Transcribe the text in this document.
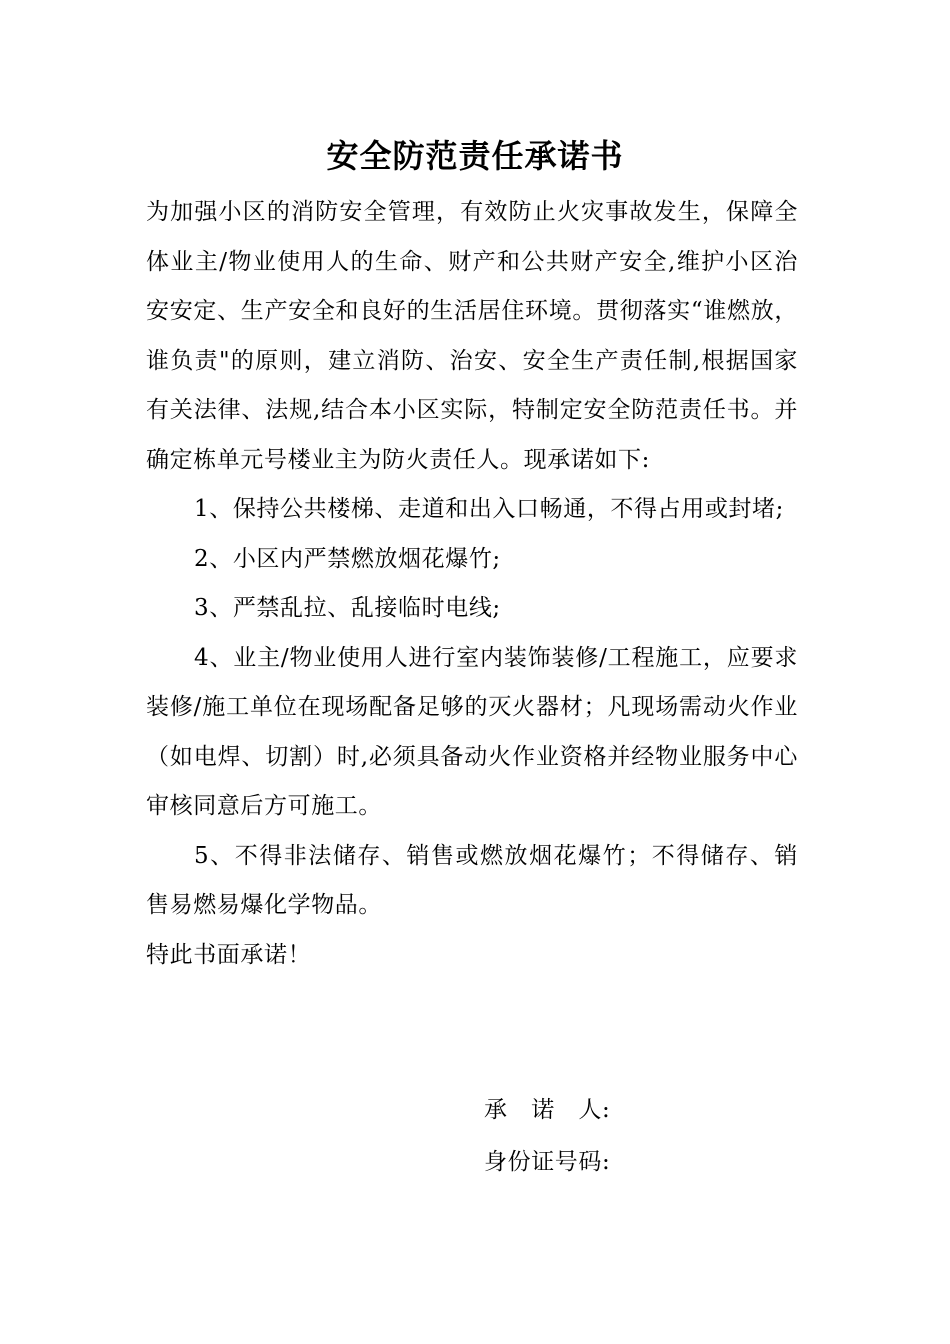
安全防范责任承诺书

为加强小区的消防安全管理，有效防止火灾事故发生，保障全体业主/物业使用人的生命、财产和公共财产安全,维护小区治安安定、生产安全和良好的生活居住环境。贯彻落实“谁燃放，谁负责"的原则，建立消防、治安、安全生产责任制,根据国家有关法律、法规,结合本小区实际，特制定安全防范责任书。并确定栋单元号楼业主为防火责任人。现承诺如下:

1、保持公共楼梯、走道和出入口畅通，不得占用或封堵;

2、小区内严禁燃放烟花爆竹;

3、严禁乱拉、乱接临时电线;

4、业主/物业使用人进行室内装饰装修/工程施工，应要求装修/施工单位在现场配备足够的灭火器材；凡现场需动火作业（如电焊、切割）时,必须具备动火作业资格并经物业服务中心审核同意后方可施工。

5、不得非法储存、销售或燃放烟花爆竹；不得储存、销售易燃易爆化学物品。

特此书面承诺！

承　诺　人:

身份证号码:
